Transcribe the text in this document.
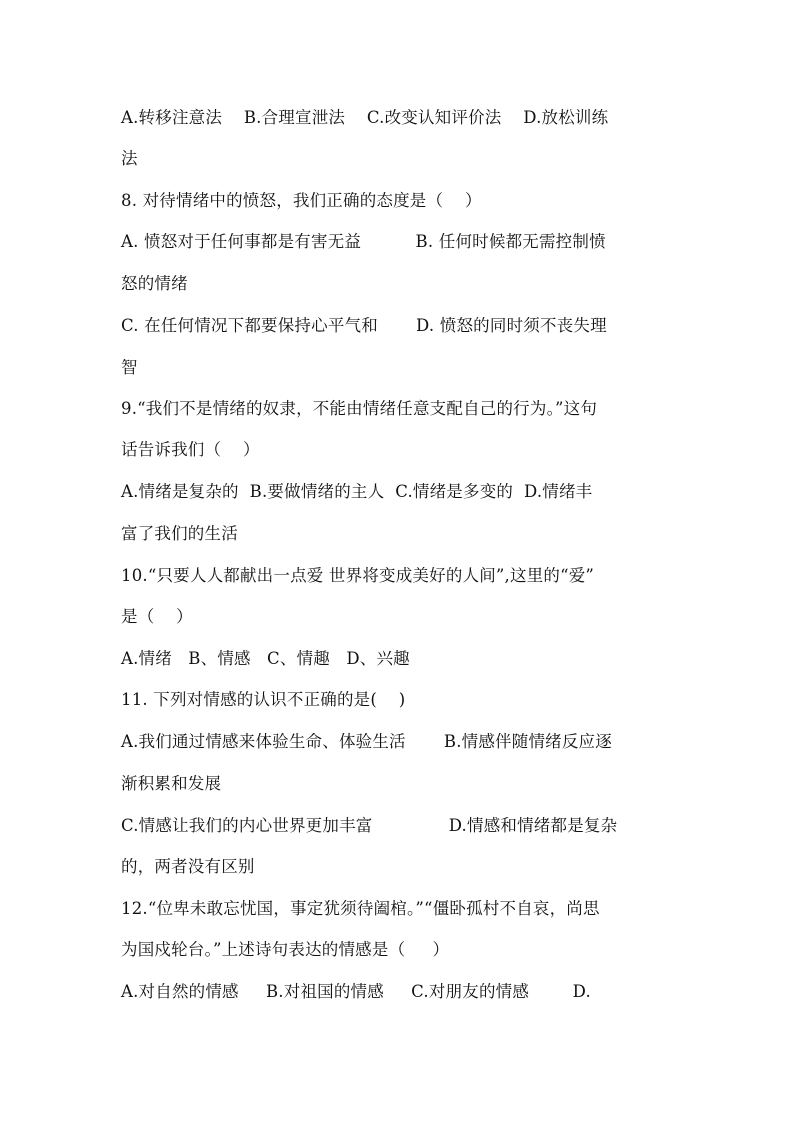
A.转移注意法    B.合理宣泄法    C.改变认知评价法    D.放松训练
法
8. 对待情绪中的愤怒，我们正确的态度是（    ）
A. 愤怒对于任何事都是有害无益          B. 任何时候都无需控制愤
怒的情绪
C. 在任何情况下都要保持心平气和       D. 愤怒的同时须不丧失理
智
9.“我们不是情绪的奴隶，不能由情绪任意支配自己的行为。”这句
话告诉我们（    ）
A.情绪是复杂的  B.要做情绪的主人  C.情绪是多变的  D.情绪丰
富了我们的生活
10.“只要人人都献出一点爱 世界将变成美好的人间”,这里的“爱”
是（    ）
A.情绪   B、情感   C、情趣   D、兴趣
11. 下列对情感的认识不正确的是(    )
A.我们通过情感来体验生命、体验生活       B.情感伴随情绪反应逐
渐积累和发展
C.情感让我们的内心世界更加丰富              D.情感和情绪都是复杂
的，两者没有区别
12.“位卑未敢忘忧国，事定犹须待阖棺。”“僵卧孤村不自哀，尚思
为国戍轮台。”上述诗句表达的情感是（     ）
A.对自然的情感     B.对祖国的情感     C.对朋友的情感        D.
